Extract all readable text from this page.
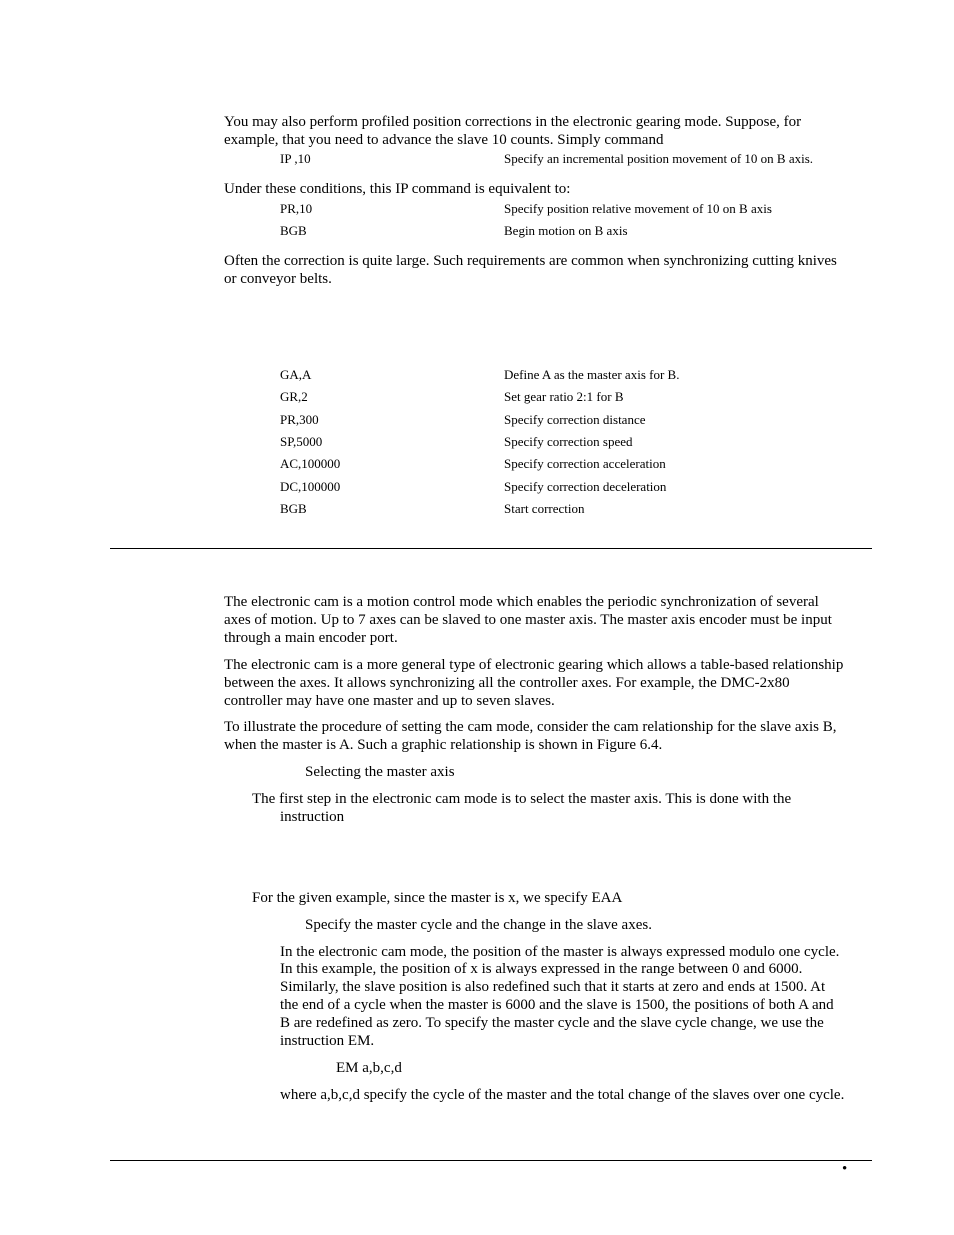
You may also perform profiled position corrections in the electronic gearing mode. Suppose, for
example, that you need to advance the slave 10 counts. Simply command
IP ,10	Specify an incremental position movement of 10 on B axis.
Under these conditions, this IP command is equivalent to:
PR,10	Specify position relative movement of 10 on B axis
BGB	Begin motion on B axis
Often the correction is quite large. Such requirements are common when synchronizing cutting knives
or conveyor belts.
GA,A	Define A as the master axis for B.
GR,2	Set gear ratio 2:1 for B
PR,300	Specify correction distance
SP,5000	Specify correction speed
AC,100000	Specify correction acceleration
DC,100000	Specify correction deceleration
BGB	Start correction
The electronic cam is a motion control mode which enables the periodic synchronization of several
axes of motion. Up to 7 axes can be slaved to one master axis. The master axis encoder must be input
through a main encoder port.
The electronic cam is a more general type of electronic gearing which allows a table-based relationship
between the axes. It allows synchronizing all the controller axes. For example, the DMC-2x80
controller may have one master and up to seven slaves.
To illustrate the procedure of setting the cam mode, consider the cam relationship for the slave axis B,
when the master is A. Such a graphic relationship is shown in Figure 6.4.
Selecting the master axis
The first step in the electronic cam mode is to select the master axis. This is done with the
instruction
For the given example, since the master is x, we specify EAA
Specify the master cycle and the change in the slave axes.
In the electronic cam mode, the position of the master is always expressed modulo one cycle.
In this example, the position of x is always expressed in the range between 0 and 6000.
Similarly, the slave position is also redefined such that it starts at zero and ends at 1500. At
the end of a cycle when the master is 6000 and the slave is 1500, the positions of both A and
B are redefined as zero. To specify the master cycle and the slave cycle change, we use the
instruction EM.
EM a,b,c,d
where a,b,c,d specify the cycle of the master and the total change of the slaves over one cycle.
•
